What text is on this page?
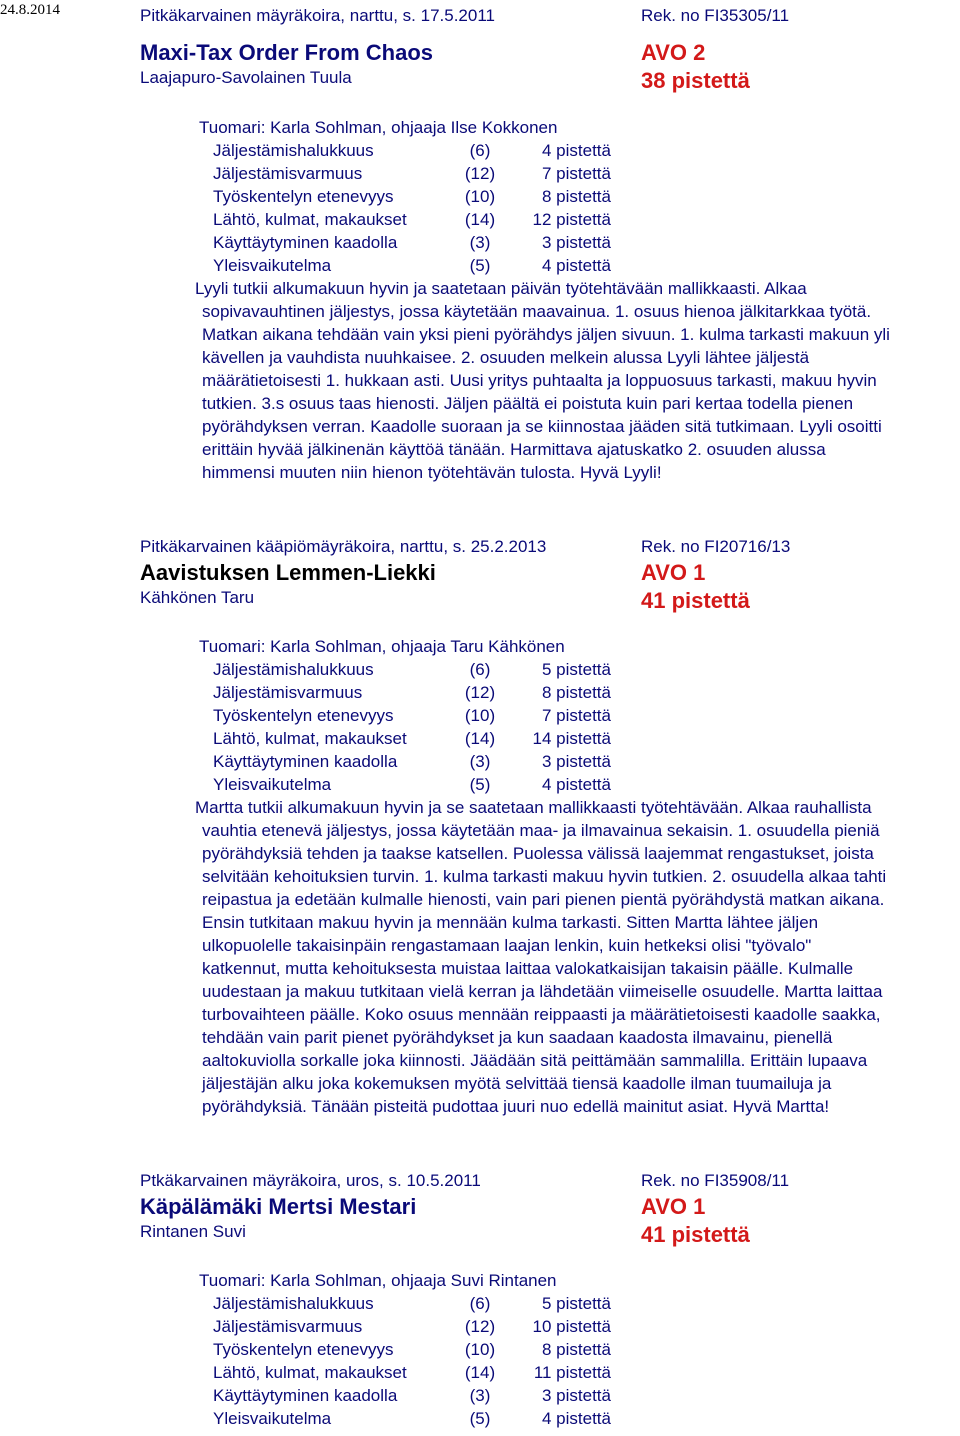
24.8.2014	Pitkäkarvainen mäyräkoira, narttu, s. 17.5.2011	Rek. no FI35305/11
Maxi-Tax Order From Chaos	AVO 2
Laajapuro-Savolainen Tuula	38 pistettä
Tuomari: Karla Sohlman, ohjaaja Ilse Kokkonen
Jäljestämishalukkuus	(6)	4 pistettä
Jäljestämisvarmuus	(12)	7 pistettä
Työskentelyn etenevyys	(10)	8 pistettä
Lähtö, kulmat, makaukset	(14)	12 pistettä
Käyttäytyminen kaadolla	(3)	3 pistettä
Yleisvaikutelma	(5)	4 pistettä
Lyyli tutkii alkumakuun hyvin ja saatetaan päivän työtehtävään mallikkaasti. Alkaa
sopivavauhtinen jäljestys, jossa käytetään maavainua. 1. osuus hienoa jälkitarkkaa työtä.
Matkan aikana tehdään vain yksi pieni pyörähdys jäljen sivuun. 1. kulma tarkasti makuun yli
kävellen ja vauhdista nuuhkaisee. 2. osuuden melkein alussa Lyyli lähtee jäljestä
määrätietoisesti 1. hukkaan asti. Uusi yritys puhtaalta ja loppuosuus tarkasti, makuu hyvin
tutkien. 3.s osuus taas hienosti. Jäljen päältä ei poistuta kuin pari kertaa todella pienen
pyörähdyksen verran. Kaadolle suoraan ja se kiinnostaa jääden sitä tutkimaan. Lyyli osoitti
erittäin hyvää jälkinenän käyttöä tänään. Harmittava ajatuskatko 2. osuuden alussa
himmensi muuten niin hienon työtehtävän tulosta. Hyvä Lyyli!
Pitkäkarvainen kääpiömäyräkoira, narttu, s. 25.2.2013	Rek. no FI20716/13
Aavistuksen Lemmen-Liekki	AVO 1
Kähkönen Taru	41 pistettä
Tuomari: Karla Sohlman, ohjaaja Taru Kähkönen
Jäljestämishalukkuus	(6)	5 pistettä
Jäljestämisvarmuus	(12)	8 pistettä
Työskentelyn etenevyys	(10)	7 pistettä
Lähtö, kulmat, makaukset	(14)	14 pistettä
Käyttäytyminen kaadolla	(3)	3 pistettä
Yleisvaikutelma	(5)	4 pistettä
Martta tutkii alkumakuun hyvin ja se saatetaan mallikkaasti työtehtävään. Alkaa rauhallista
vauhtia etenevä jäljestys, jossa käytetään maa- ja ilmavainua sekaisin. 1. osuudella pieniä
pyörähdyksiä tehden ja taakse katsellen. Puolessa välissä laajemmat rengastukset, joista
selvitään kehoituksien turvin. 1. kulma tarkasti makuu hyvin tutkien. 2. osuudella alkaa tahti
reipastua ja edetään kulmalle hienosti, vain pari pienen pientä pyörähdystä matkan aikana.
Ensin tutkitaan makuu hyvin ja mennään kulma tarkasti. Sitten Martta lähtee jäljen
ulkopuolelle takaisinpäin rengastamaan laajan lenkin, kuin hetkeksi olisi "työvalo"
katkennut, mutta kehoituksesta muistaa laittaa valokatkaisijan takaisin päälle. Kulmalle
uudestaan ja makuu tutkitaan vielä kerran ja lähdetään viimeiselle osuudelle. Martta laittaa
turbovaihteen päälle. Koko osuus mennään reippaasti ja määrätietoisesti kaadolle saakka,
tehdään vain parit pienet pyörähdykset ja kun saadaan kaadosta ilmavainu, pienellä
aaltokuviolla sorkalle joka kiinnosti. Jäädään sitä peittämään sammalilla. Erittäin lupaava
jäljestäjän alku joka kokemuksen myötä selvittää tiensä kaadolle ilman tuumailuja ja
pyörähdyksiä. Tänään pisteitä pudottaa juuri nuo edellä mainitut asiat. Hyvä Martta!
Ptkäkarvainen mäyräkoira, uros, s. 10.5.2011	Rek. no FI35908/11
Käpälämäki Mertsi Mestari	AVO 1
Rintanen Suvi	41 pistettä
Tuomari: Karla Sohlman, ohjaaja Suvi Rintanen
Jäljestämishalukkuus	(6)	5 pistettä
Jäljestämisvarmuus	(12)	10 pistettä
Työskentelyn etenevyys	(10)	8 pistettä
Lähtö, kulmat, makaukset	(14)	11 pistettä
Käyttäytyminen kaadolla	(3)	3 pistettä
Yleisvaikutelma	(5)	4 pistettä
